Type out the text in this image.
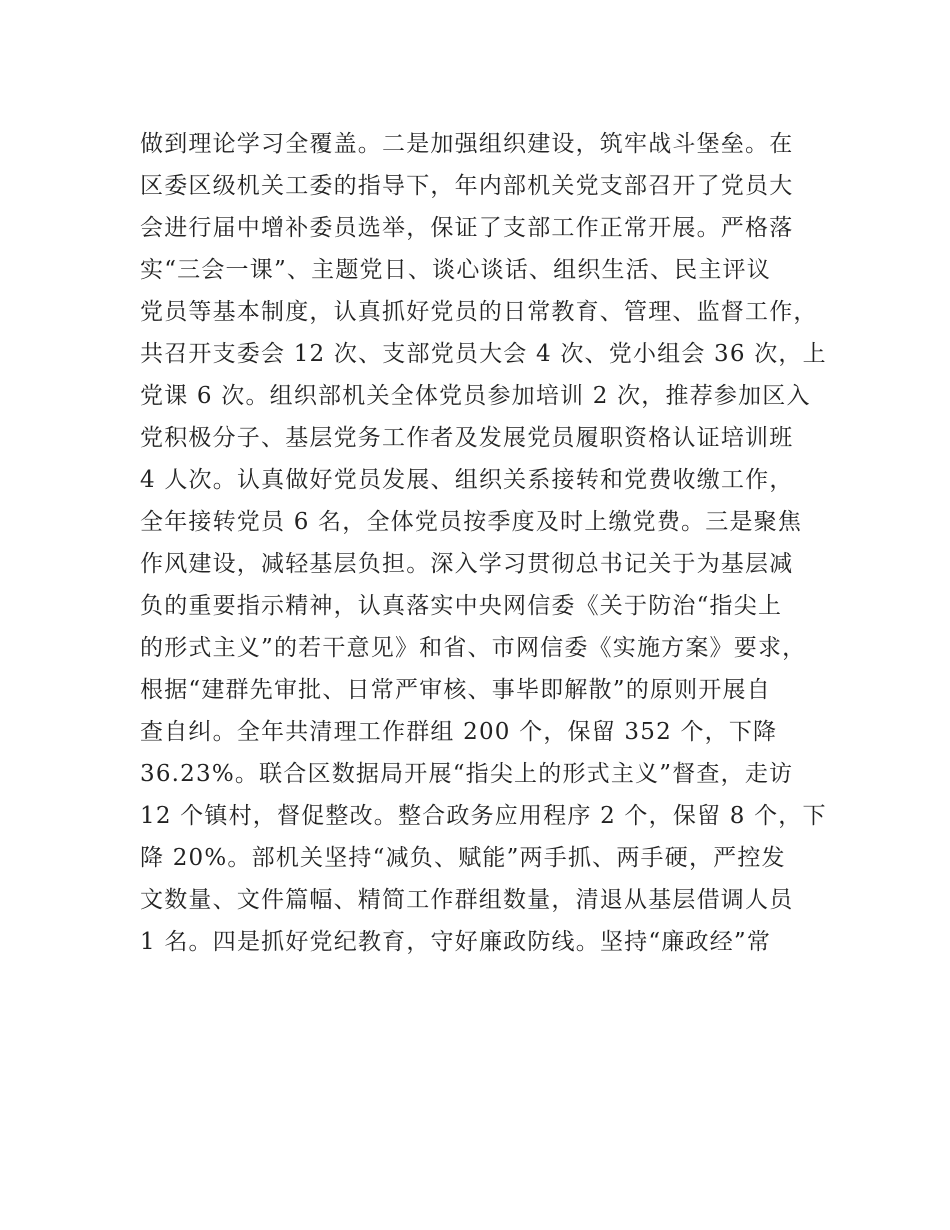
做到理论学习全覆盖。二是加强组织建设，筑牢战斗堡垒。在
区委区级机关工委的指导下，年内部机关党支部召开了党员大
会进行届中增补委员选举，保证了支部工作正常开展。严格落
实“三会一课”、主题党日、谈心谈话、组织生活、民主评议
党员等基本制度，认真抓好党员的日常教育、管理、监督工作，
共召开支委会 12 次、支部党员大会 4 次、党小组会 36 次，上
党课 6 次。组织部机关全体党员参加培训 2 次，推荐参加区入
党积极分子、基层党务工作者及发展党员履职资格认证培训班
4 人次。认真做好党员发展、组织关系接转和党费收缴工作，
全年接转党员 6 名，全体党员按季度及时上缴党费。三是聚焦
作风建设，减轻基层负担。深入学习贯彻总书记关于为基层减
负的重要指示精神，认真落实中央网信委《关于防治“指尖上
的形式主义”的若干意见》和省、市网信委《实施方案》要求，
根据“建群先审批、日常严审核、事毕即解散”的原则开展自
查自纠。全年共清理工作群组 200 个，保留 352 个，下降
36.23%。联合区数据局开展“指尖上的形式主义”督查，走访
12 个镇村，督促整改。整合政务应用程序 2 个，保留 8 个，下
降 20%。部机关坚持“减负、赋能”两手抓、两手硬，严控发
文数量、文件篇幅、精简工作群组数量，清退从基层借调人员
1 名。四是抓好党纪教育，守好廉政防线。坚持“廉政经”常
